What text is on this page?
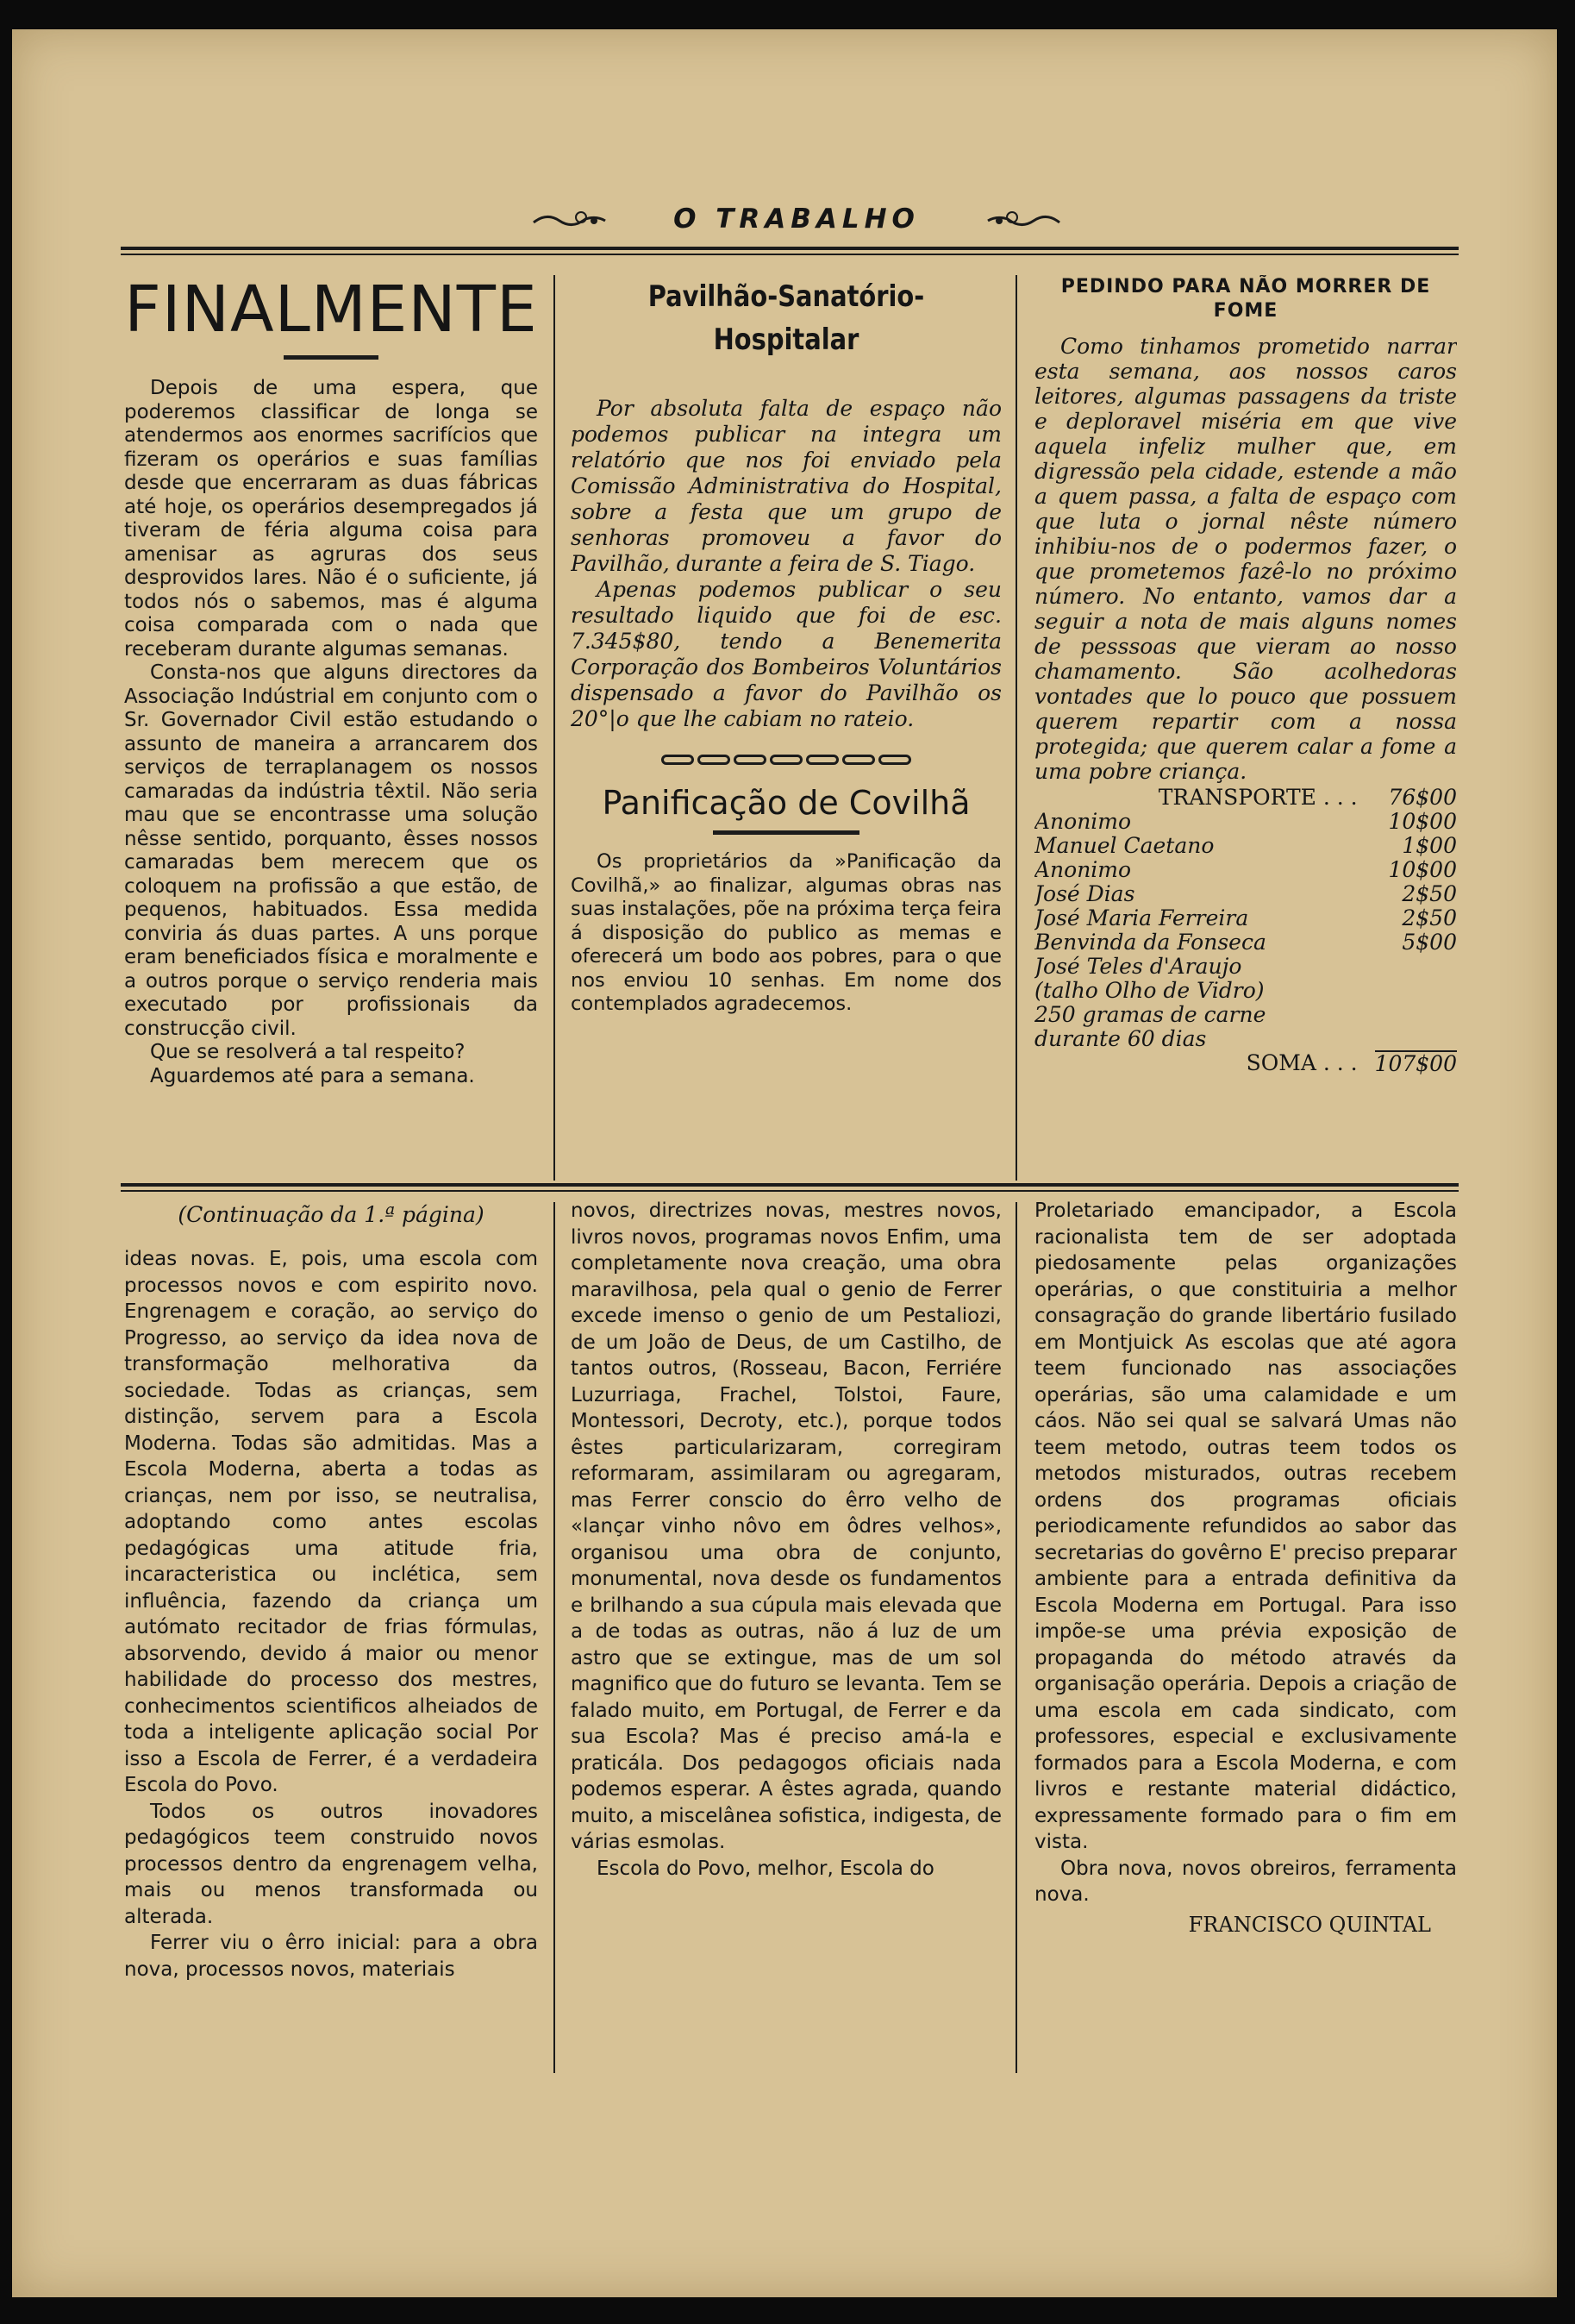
O TRABALHO
FINALMENTE

Depois de uma espera, que poderemos classificar de longa se atendermos aos enormes sacrifícios que fizeram os operários e suas famílias desde que encerraram as duas fábricas até hoje, os operários desempregados já tiveram de féria alguma coisa para amenisar as agruras dos seus desprovidos lares. Não é o suficiente, já todos nós o sabemos, mas é alguma coisa comparada com o nada que receberam durante algumas semanas.

Consta-nos que alguns directores da Associação Indústrial em conjunto com o Sr. Governador Civil estão estudando o assunto de maneira a arrancarem dos serviços de terraplanagem os nossos camaradas da indústria têxtil. Não seria mau que se encontrasse uma solução nêsse sentido, porquanto, êsses nossos camaradas bem merecem que os coloquem na profissão a que estão, de pequenos, habituados. Essa medida conviria ás duas partes. A uns porque eram beneficiados física e moralmente e a outros porque o serviço renderia mais executado por profissionais da construcção civil.

Que se resolverá a tal respeito?

Aguardemos até para a semana.

Pavilhão-Sanatório-Hospitalar

Por absoluta falta de espaço não podemos publicar na integra um relatório que nos foi enviado pela Comissão Administrativa do Hospital, sobre a festa que um grupo de senhoras promoveu a favor do Pavilhão, durante a feira de S. Tiago.

Apenas podemos publicar o seu resultado liquido que foi de esc. 7.345$80, tendo a Benemerita Corporação dos Bombeiros Voluntários dispensado a favor do Pavilhão os 20°|o que lhe cabiam no rateio.

Panificação de Covilhã

Os proprietários da »Panificação da Covilhã,» ao finalizar, algumas obras nas suas instalações, põe na próxima terça feira á disposição do publico as memas e oferecerá um bodo aos pobres, para o que nos enviou 10 senhas. Em nome dos contemplados agradecemos.

PEDINDO PARA NÃO MORRER DE FOME

Como tinhamos prometido narrar esta semana, aos nossos caros leitores, algumas passagens da triste e deploravel miséria em que vive aquela infeliz mulher que, em digressão pela cidade, estende a mão a quem passa, a falta de espaço com que luta o jornal nêste número inhibiu-nos de o podermos fazer, o que prometemos fazê-lo no próximo número. No entanto, vamos dar a seguir a nota de mais alguns nomes de pesssoas que vieram ao nosso chamamento. São acolhedoras vontades que lo pouco que possuem querem repartir com a nossa protegida; que querem calar a fome a uma pobre criança.

TRANSPORTE . . .	76$00
Anonimo	10$00
Manuel Caetano	1$00
Anonimo	10$00
José Dias	2$50
José Maria Ferreira	2$50
Benvinda da Fonseca	5$00
José Teles d'Araujo (talho Olho de Vidro) 250 gramas de carne durante 60 dias	
SOMA . . .	107$00
(Continuação da 1.ª página)

ideas novas. E, pois, uma escola com processos novos e com espirito novo. Engrenagem e coração, ao serviço do Progresso, ao serviço da idea nova de transformação melhorativa da sociedade. Todas as crianças, sem distinção, servem para a Escola Moderna. Todas são admitidas. Mas a Escola Moderna, aberta a todas as crianças, nem por isso, se neutralisa, adoptando como antes escolas pedagógicas uma atitude fria, incaracteristica ou inclética, sem influência, fazendo da criança um autómato recitador de frias fórmulas, absorvendo, devido á maior ou menor habilidade do processo dos mestres, conhecimentos scientificos alheiados de toda a inteligente aplicação social Por isso a Escola de Ferrer, é a verdadeira Escola do Povo.

Todos os outros inovadores pedagógicos teem construido novos processos dentro da engrenagem velha, mais ou menos transformada ou alterada.

Ferrer viu o êrro inicial: para a obra nova, processos novos, materiais

novos, directrizes novas, mestres novos, livros novos, programas novos Enfim, uma completamente nova creação, uma obra maravilhosa, pela qual o genio de Ferrer excede imenso o genio de um Pestaliozi, de um João de Deus, de um Castilho, de tantos outros, (Rosseau, Bacon, Ferriére Luzurriaga, Frachel, Tolstoi, Faure, Montessori, Decroty, etc.), porque todos êstes particularizaram, corregiram reformaram, assimilaram ou agregaram, mas Ferrer conscio do êrro velho de «lançar vinho nôvo em ôdres velhos», organisou uma obra de conjunto, monumental, nova desde os fundamentos e brilhando a sua cúpula mais elevada que a de todas as outras, não á luz de um astro que se extingue, mas de um sol magnifico que do futuro se levanta. Tem se falado muito, em Portugal, de Ferrer e da sua Escola? Mas é preciso amá-la e praticála. Dos pedagogos oficiais nada podemos esperar. A êstes agrada, quando muito, a miscelânea sofistica, indigesta, de várias esmolas.

Escola do Povo, melhor, Escola do

Proletariado emancipador, a Escola racionalista tem de ser adoptada piedosamente pelas organizações operárias, o que constituiria a melhor consagração do grande libertário fusilado em Montjuick As escolas que até agora teem funcionado nas associações operárias, são uma calamidade e um cáos. Não sei qual se salvará Umas não teem metodo, outras teem todos os metodos misturados, outras recebem ordens dos programas oficiais periodicamente refundidos ao sabor das secretarias do govêrno E' preciso preparar ambiente para a entrada definitiva da Escola Moderna em Portugal. Para isso impõe-se uma prévia exposição de propaganda do método através da organisação operária. Depois a criação de uma escola em cada sindicato, com professores, especial e exclusivamente formados para a Escola Moderna, e com livros e restante material didáctico, expressamente formado para o fim em vista.

Obra nova, novos obreiros, ferramenta nova.

FRANCISCO QUINTAL
